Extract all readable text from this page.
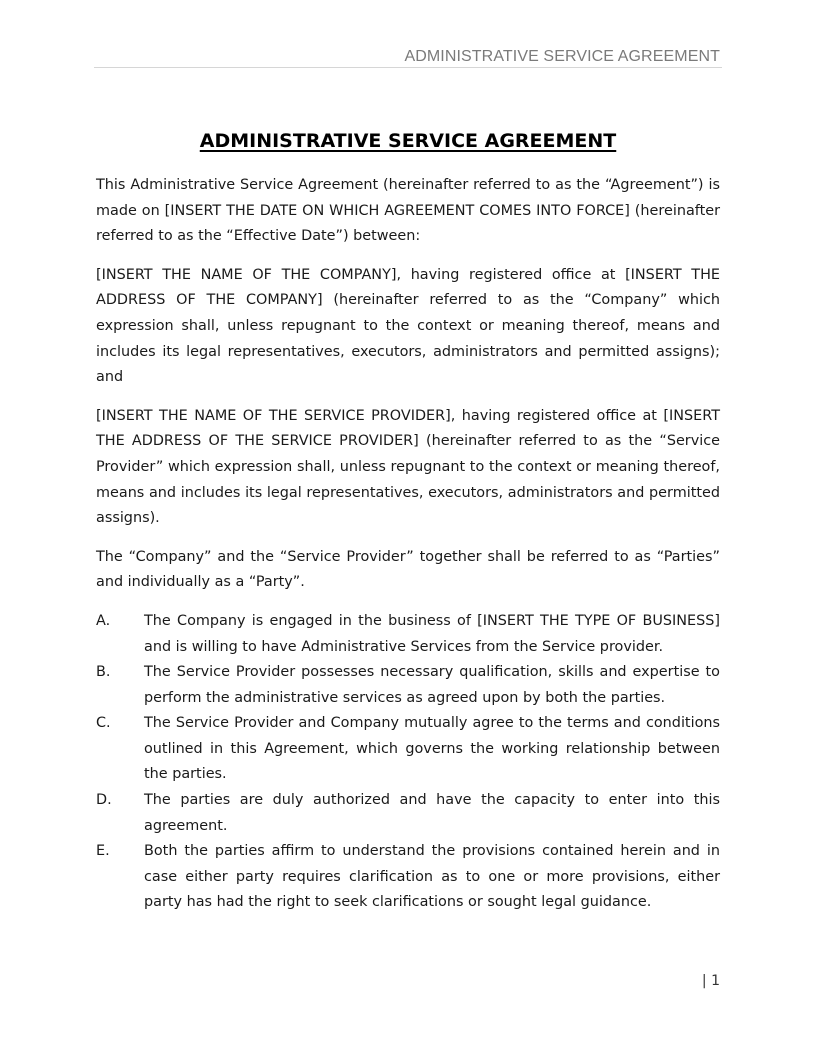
ADMINISTRATIVE SERVICE AGREEMENT
ADMINISTRATIVE SERVICE AGREEMENT

This Administrative Service Agreement (hereinafter referred to as the “Agreement”) is made on [INSERT THE DATE ON WHICH AGREEMENT COMES INTO FORCE] (hereinafter referred to as the “Effective Date”) between:

[INSERT THE NAME OF THE COMPANY], having registered office at [INSERT THE ADDRESS OF THE COMPANY] (hereinafter referred to as the “Company” which expression shall, unless repugnant to the context or meaning thereof, means and includes its legal representatives, executors, administrators and permitted assigns); and

[INSERT THE NAME OF THE SERVICE PROVIDER], having registered office at [INSERT THE ADDRESS OF THE SERVICE PROVIDER] (hereinafter referred to as the “Service Provider” which expression shall, unless repugnant to the context or meaning thereof, means and includes its legal representatives, executors, administrators and permitted assigns).

The “Company” and the “Service Provider” together shall be referred to as “Parties” and individually as a “Party”.

A.	The Company is engaged in the business of [INSERT THE TYPE OF BUSINESS] and is willing to have Administrative Services from the Service provider.
B.	The Service Provider possesses necessary qualification, skills and expertise to perform the administrative services as agreed upon by both the parties.
C.	The Service Provider and Company mutually agree to the terms and conditions outlined in this Agreement, which governs the working relationship between the parties.
D.	The parties are duly authorized and have the capacity to enter into this agreement.
E.	Both the parties affirm to understand the provisions contained herein and in case either party requires clarification as to one or more provisions, either party has had the right to seek clarifications or sought legal guidance.
| 1
